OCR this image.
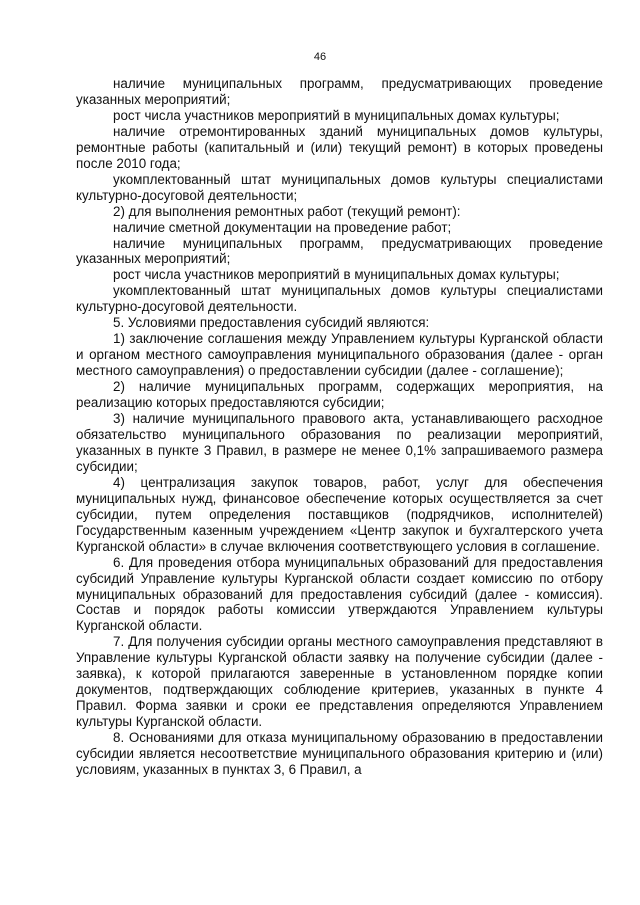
46

наличие муниципальных программ, предусматривающих проведение указанных мероприятий;

рост числа участников мероприятий в муниципальных домах культуры;

наличие отремонтированных зданий муниципальных домов культуры, ремонтные работы (капитальный и (или) текущий ремонт) в которых проведены после 2010 года;

укомплектованный штат муниципальных домов культуры специалистами культурно-досуговой деятельности;

2) для выполнения ремонтных работ (текущий ремонт):

наличие сметной документации на проведение работ;

наличие муниципальных программ, предусматривающих проведение указанных мероприятий;

рост числа участников мероприятий в муниципальных домах культуры;

укомплектованный штат муниципальных домов культуры специалистами культурно-досуговой деятельности.

5. Условиями предоставления субсидий являются:

1) заключение соглашения между Управлением культуры Курганской области и органом местного самоуправления муниципального образования (далее - орган местного самоуправления) о предоставлении субсидии (далее - соглашение);

2) наличие муниципальных программ, содержащих мероприятия, на реализацию которых предоставляются субсидии;

3) наличие муниципального правового акта, устанавливающего расходное обязательство муниципального образования по реализации мероприятий, указанных в пункте 3 Правил, в размере не менее 0,1% запрашиваемого размера субсидии;

4) централизация закупок товаров, работ, услуг для обеспечения муниципальных нужд, финансовое обеспечение которых осуществляется за счет субсидии, путем определения поставщиков (подрядчиков, исполнителей) Государственным казенным учреждением «Центр закупок и бухгалтерского учета Курганской области» в случае включения соответствующего условия в соглашение.

6. Для проведения отбора муниципальных образований для предоставления субсидий Управление культуры Курганской области создает комиссию по отбору муниципальных образований для предоставления субсидий (далее - комиссия). Состав и порядок работы комиссии утверждаются Управлением культуры Курганской области.

7. Для получения субсидии органы местного самоуправления представляют в Управление культуры Курганской области заявку на получение субсидии (далее - заявка), к которой прилагаются заверенные в установленном порядке копии документов, подтверждающих соблюдение критериев, указанных в пункте 4 Правил. Форма заявки и сроки ее представления определяются Управлением культуры Курганской области.

8. Основаниями для отказа муниципальному образованию в предоставлении субсидии является несоответствие муниципального образования критерию и (или) условиям, указанных в пунктах 3, 6 Правил, а
